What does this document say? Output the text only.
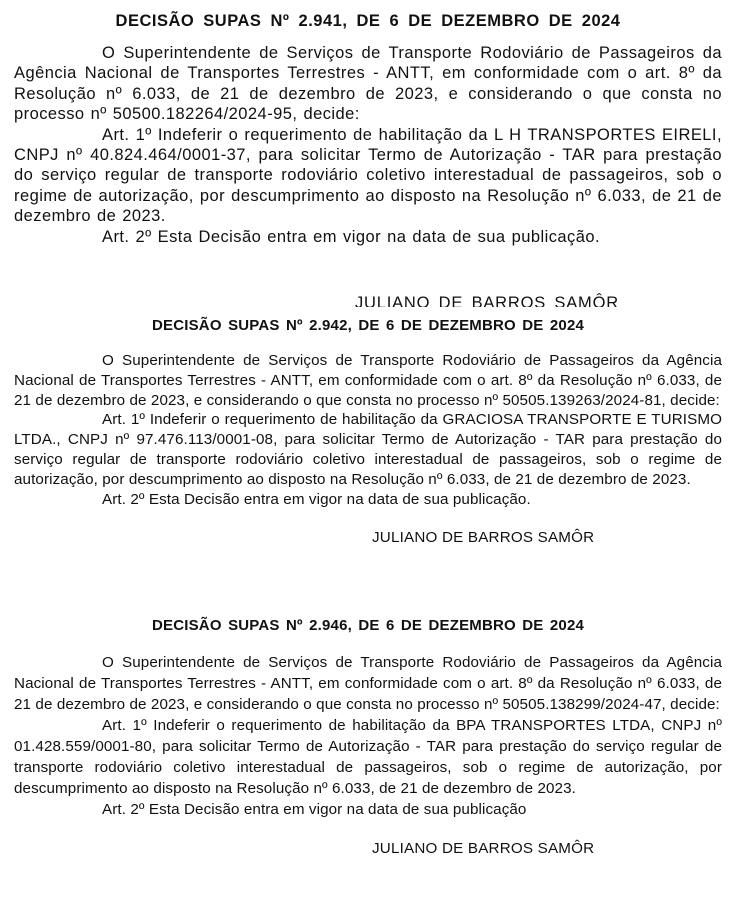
DECISÃO SUPAS Nº 2.941, DE 6 DE DEZEMBRO DE 2024

O Superintendente de Serviços de Transporte Rodoviário de Passageiros da Agência Nacional de Transportes Terrestres - ANTT, em conformidade com o art. 8º da Resolução nº 6.033, de 21 de dezembro de 2023, e considerando o que consta no processo nº 50500.182264/2024-95, decide:

Art. 1º Indeferir o requerimento de habilitação da L H TRANSPORTES EIRELI, CNPJ nº 40.824.464/0001-37, para solicitar Termo de Autorização - TAR para prestação do serviço regular de transporte rodoviário coletivo interestadual de passageiros, sob o regime de autorização, por descumprimento ao disposto na Resolução nº 6.033, de 21 de dezembro de 2023.

Art. 2º Esta Decisão entra em vigor na data de sua publicação.

JULIANO DE BARROS SAMÔR

DECISÃO SUPAS Nº 2.942, DE 6 DE DEZEMBRO DE 2024

O Superintendente de Serviços de Transporte Rodoviário de Passageiros da Agência Nacional de Transportes Terrestres - ANTT, em conformidade com o art. 8º da Resolução nº 6.033, de 21 de dezembro de 2023, e considerando o que consta no processo nº 50505.139263/2024-81, decide:

Art. 1º Indeferir o requerimento de habilitação da GRACIOSA TRANSPORTE E TURISMO LTDA., CNPJ nº 97.476.113/0001-08, para solicitar Termo de Autorização - TAR para prestação do serviço regular de transporte rodoviário coletivo interestadual de passageiros, sob o regime de autorização, por descumprimento ao disposto na Resolução nº 6.033, de 21 de dezembro de 2023.

Art. 2º Esta Decisão entra em vigor na data de sua publicação.

JULIANO DE BARROS SAMÔR

DECISÃO SUPAS Nº 2.946, DE 6 DE DEZEMBRO DE 2024

O Superintendente de Serviços de Transporte Rodoviário de Passageiros da Agência Nacional de Transportes Terrestres - ANTT, em conformidade com o art. 8º da Resolução nº 6.033, de 21 de dezembro de 2023, e considerando o que consta no processo nº 50505.138299/2024-47, decide:

Art. 1º Indeferir o requerimento de habilitação da BPA TRANSPORTES LTDA, CNPJ nº 01.428.559/0001-80, para solicitar Termo de Autorização - TAR para prestação do serviço regular de transporte rodoviário coletivo interestadual de passageiros, sob o regime de autorização, por descumprimento ao disposto na Resolução nº 6.033, de 21 de dezembro de 2023.

Art. 2º Esta Decisão entra em vigor na data de sua publicação

JULIANO DE BARROS SAMÔR
